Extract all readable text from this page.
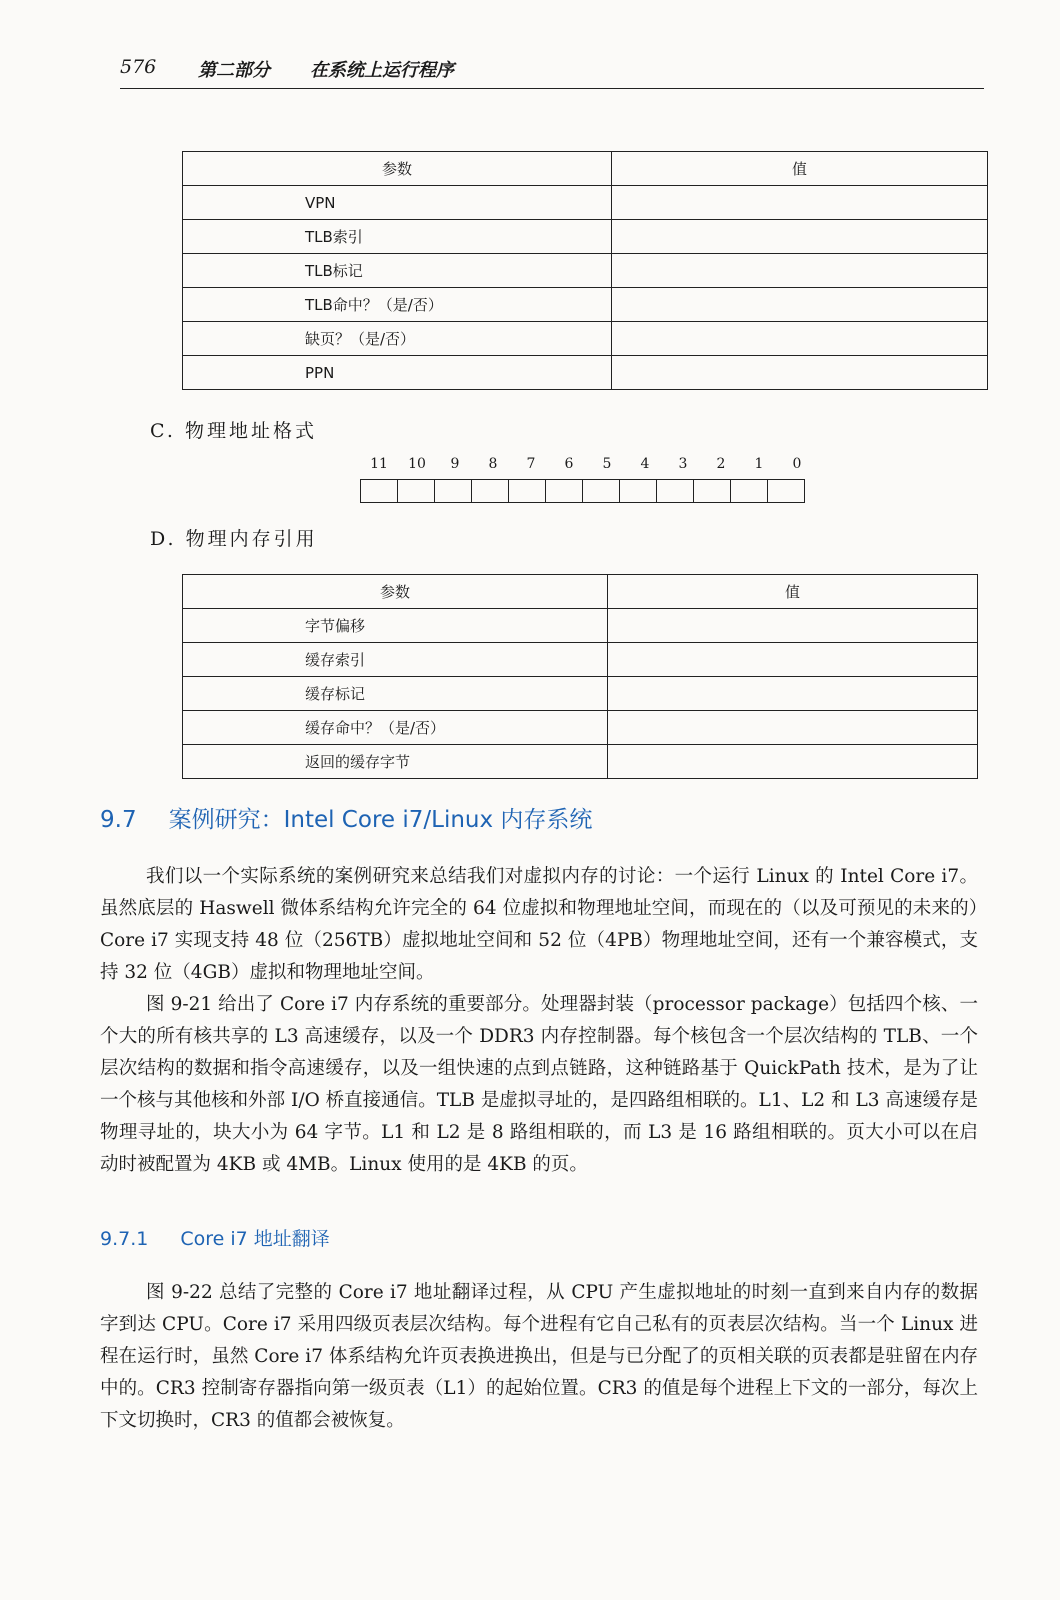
576 第二部分 在系统上运行程序
参数	值
VPN	
TLB索引	
TLB标记	
TLB命中？（是/否）	
缺页？（是/否）	
PPN	
C. 物理地址格式
11	10	9	8	7	6	5	4	3	2	1	0
D. 物理内存引用
参数	值
字节偏移	
缓存索引	
缓存标记	
缓存命中？（是/否）	
返回的缓存字节	
9.7 案例研究：Intel Core i7/Linux 内存系统

我们以一个实际系统的案例研究来总结我们对虚拟内存的讨论：一个运行 Linux 的 Intel Core i7。虽然底层的 Haswell 微体系结构允许完全的 64 位虚拟和物理地址空间，而现在的（以及可预见的未来的）Core i7 实现支持 48 位（256TB）虚拟地址空间和 52 位（4PB）物理地址空间，还有一个兼容模式，支持 32 位（4GB）虚拟和物理地址空间。

图 9-21 给出了 Core i7 内存系统的重要部分。处理器封装（processor package）包括四个核、一个大的所有核共享的 L3 高速缓存，以及一个 DDR3 内存控制器。每个核包含一个层次结构的 TLB、一个层次结构的数据和指令高速缓存，以及一组快速的点到点链路，这种链路基于 QuickPath 技术，是为了让一个核与其他核和外部 I/O 桥直接通信。TLB 是虚拟寻址的，是四路组相联的。L1、L2 和 L3 高速缓存是物理寻址的，块大小为 64 字节。L1 和 L2 是 8 路组相联的，而 L3 是 16 路组相联的。页大小可以在启动时被配置为 4KB 或 4MB。Linux 使用的是 4KB 的页。

9.7.1 Core i7 地址翻译

图 9-22 总结了完整的 Core i7 地址翻译过程，从 CPU 产生虚拟地址的时刻一直到来自内存的数据字到达 CPU。Core i7 采用四级页表层次结构。每个进程有它自己私有的页表层次结构。当一个 Linux 进程在运行时，虽然 Core i7 体系结构允许页表换进换出，但是与已分配了的页相关联的页表都是驻留在内存中的。CR3 控制寄存器指向第一级页表（L1）的起始位置。CR3 的值是每个进程上下文的一部分，每次上下文切换时，CR3 的值都会被恢复。
